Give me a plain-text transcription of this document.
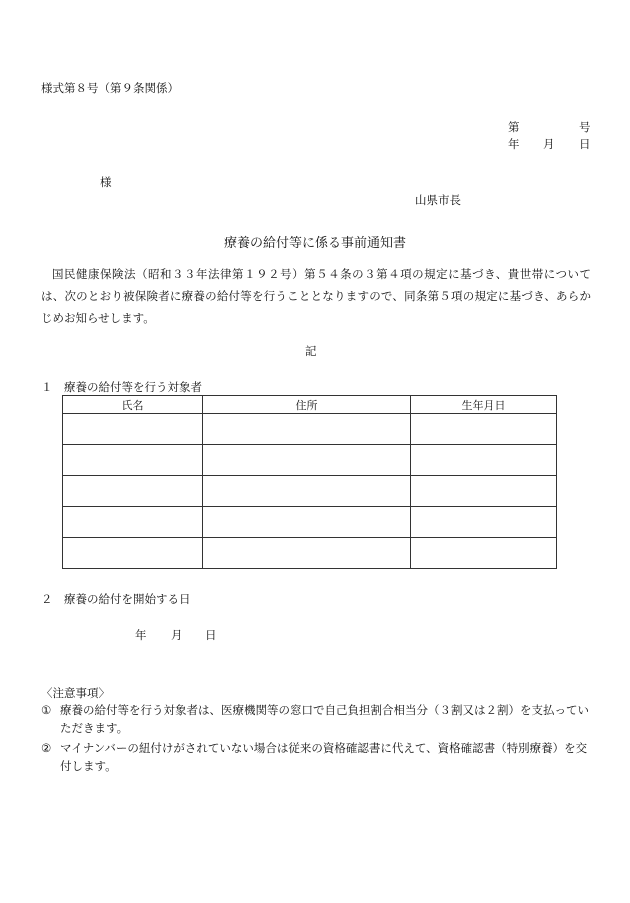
様式第８号（第９条関係）
第	号
年 月 日
様
山県市長
療養の給付等に係る事前通知書
国民健康保険法（昭和３３年法律第１９２号）第５４条の３第４項の規定に基づき、貴世帯については、次のとおり被保険者に療養の給付等を行うこととなりますので、同条第５項の規定に基づき、あらかじめお知らせします。
記
１　療養の給付等を行う対象者
氏名	住所	生年月日

２　療養の給付を開始する日
年 月 日
〈注意事項〉
① 療養の給付等を行う対象者は、医療機関等の窓口で自己負担割合相当分（３割又は２割）を支払っていただきます。
② マイナンバーの紐付けがされていない場合は従来の資格確認書に代えて、資格確認書（特別療養）を交付します。
